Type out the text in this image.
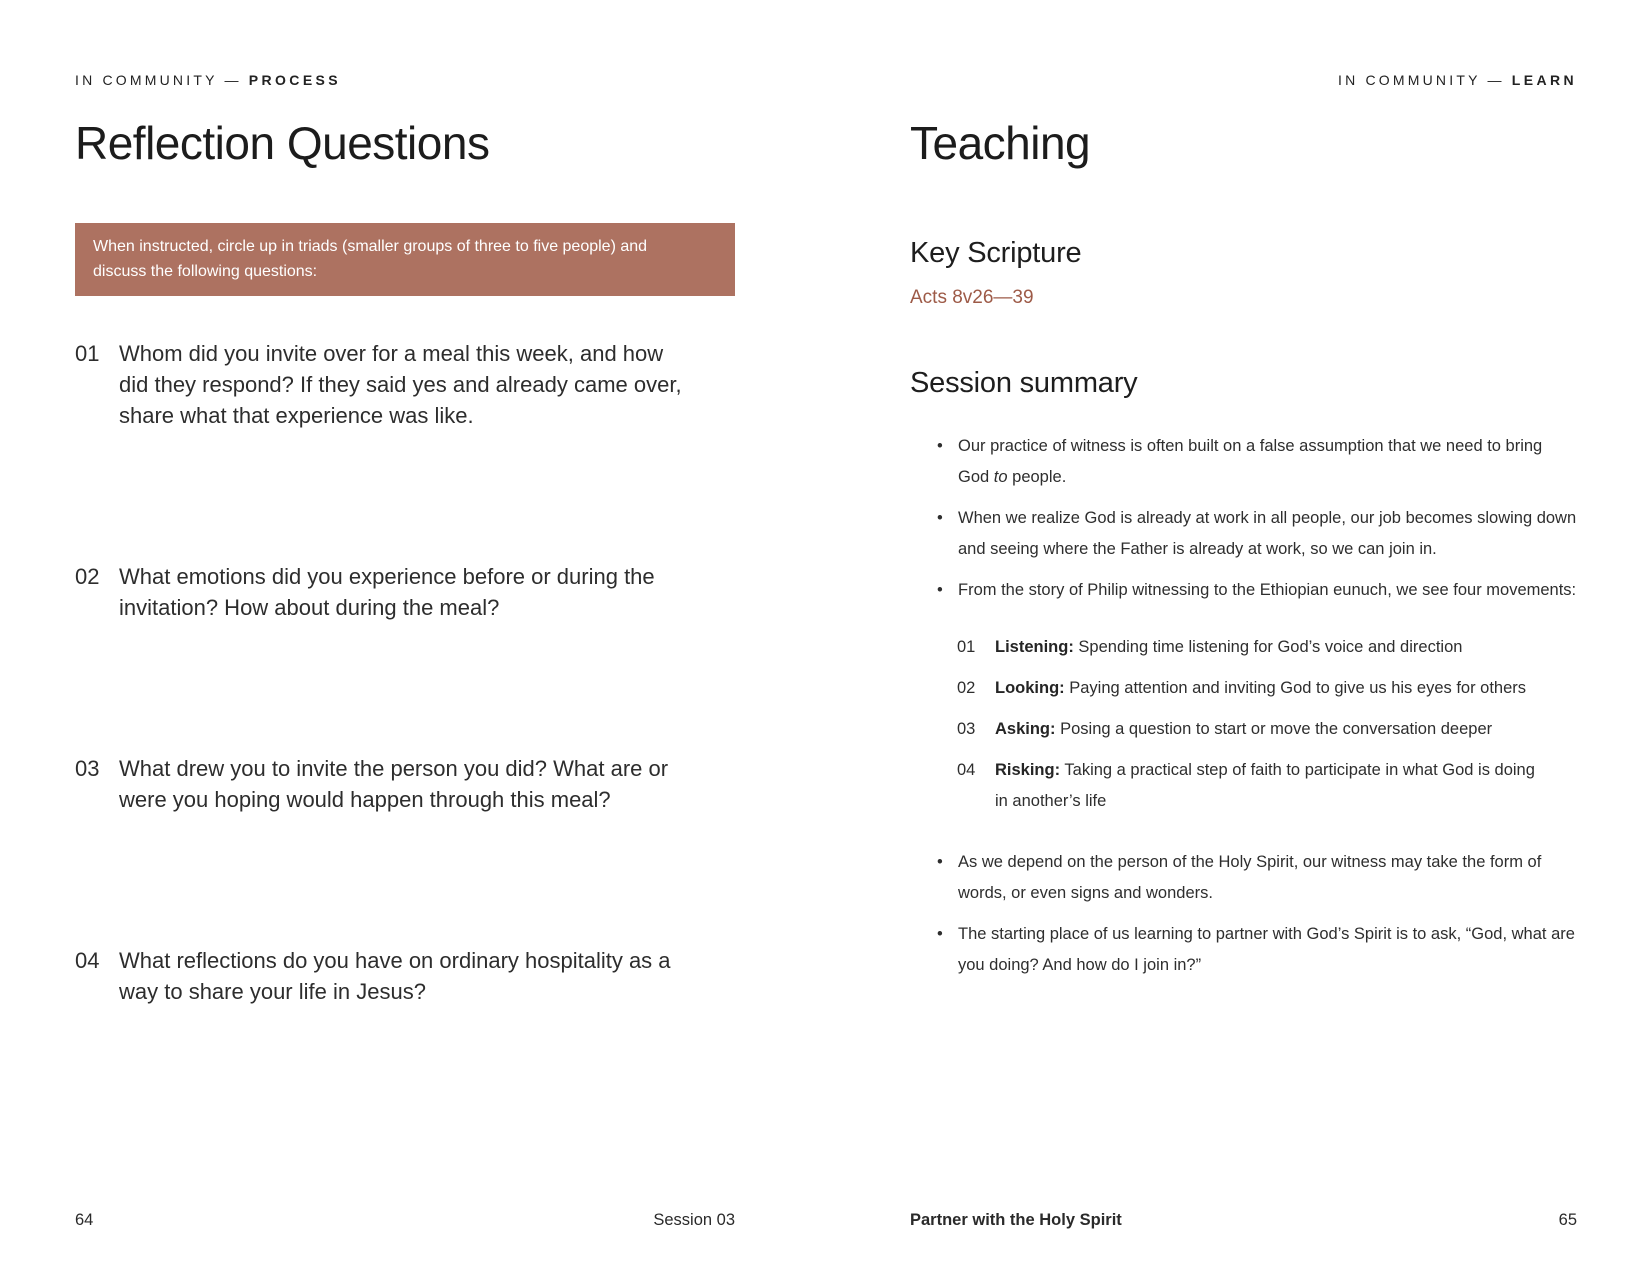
IN COMMUNITY — PROCESS
Reflection Questions

When instructed, circle up in triads (smaller groups of three to five people) and discuss the following questions:

01 Whom did you invite over for a meal this week, and how did they respond? If they said yes and already came over, share what that experience was like.

02 What emotions did you experience before or during the invitation? How about during the meal?

03 What drew you to invite the person you did? What are or were you hoping would happen through this meal?

04 What reflections do you have on ordinary hospitality as a way to share your life in Jesus?

64	Session 03
IN COMMUNITY — LEARN
Teaching
Key Scripture

Acts 8v26—39

Session summary
• Our practice of witness is often built on a false assumption that we need to bring God to people.
• When we realize God is already at work in all people, our job becomes slowing down and seeing where the Father is already at work, so we can join in.
• From the story of Philip witnessing to the Ethiopian eunuch, we see four movements:
01	Listening: Spending time listening for God’s voice and direction

02	Looking: Paying attention and inviting God to give us his eyes for others

03	Asking: Posing a question to start or move the conversation deeper

04	Risking: Taking a practical step of faith to participate in what God is doing in another’s life

• As we depend on the person of the Holy Spirit, our witness may take the form of words, or even signs and wonders.
• The starting place of us learning to partner with God’s Spirit is to ask, “God, what are you doing? And how do I join in?”
Partner with the Holy Spirit	65
